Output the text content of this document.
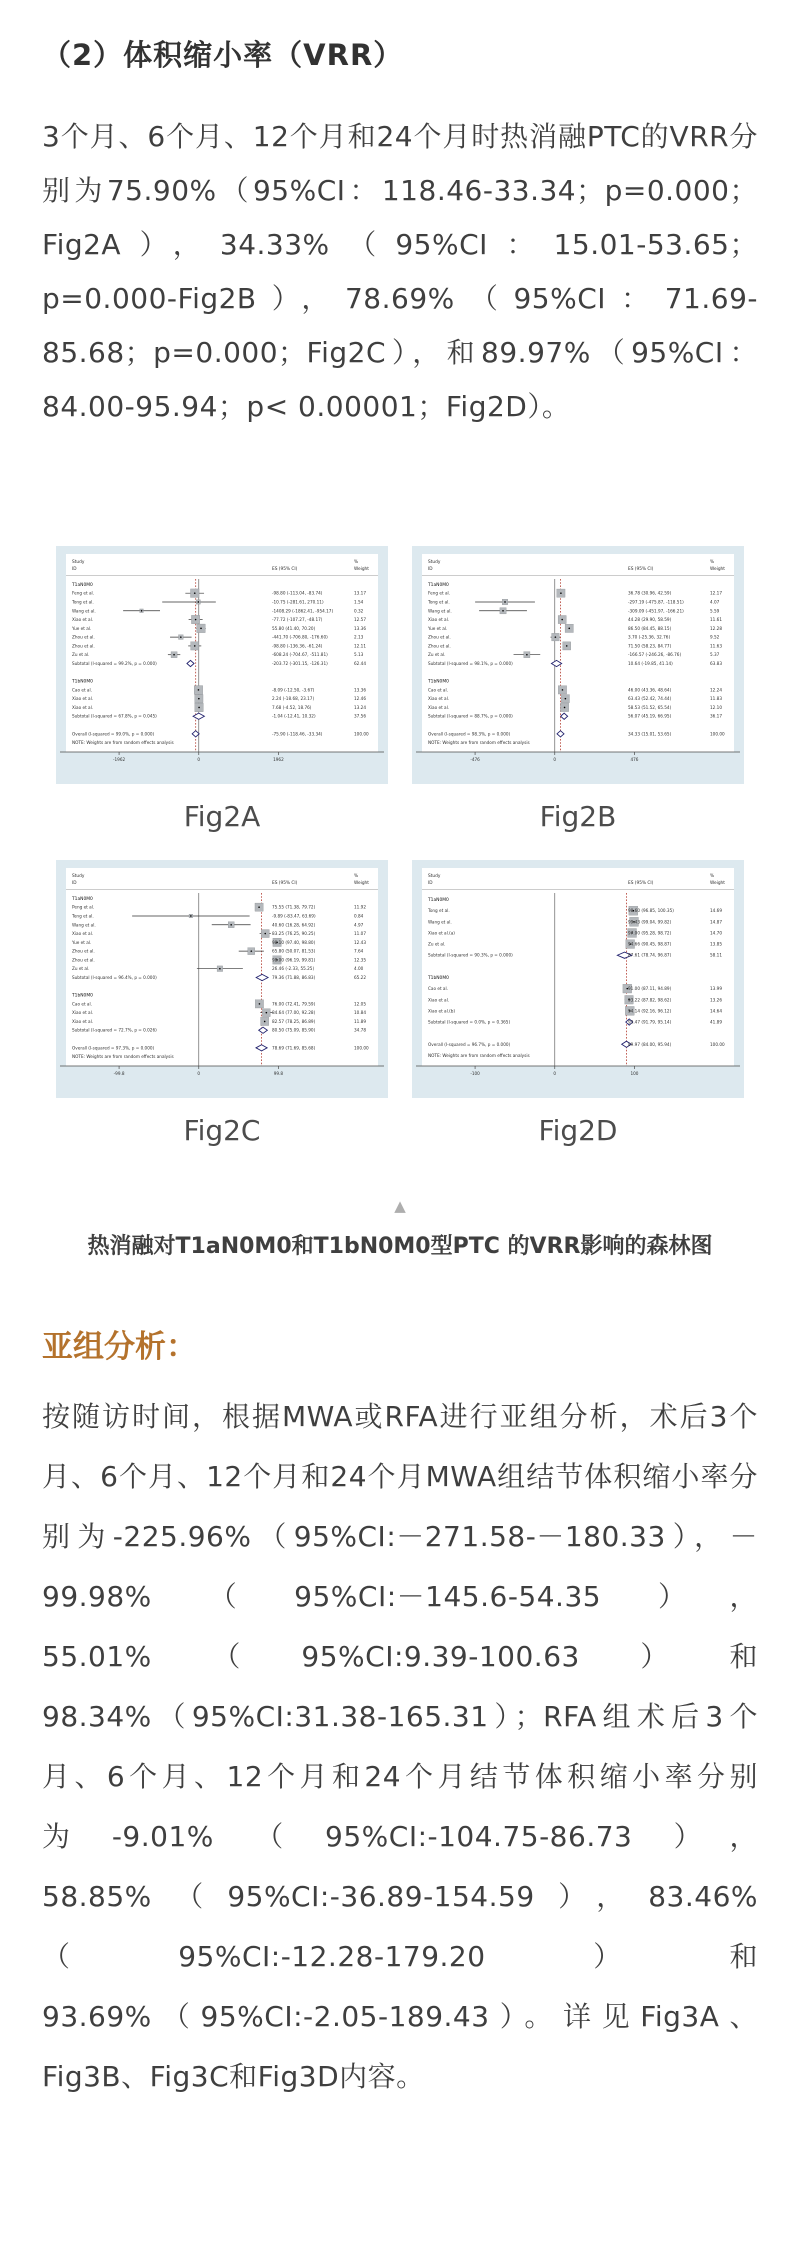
（2）体积缩小率（VRR）

3个月、6个月、12个月和24个月时热消融PTC的VRR分别为75.90%（95%CI：118.46-33.34；p=0.000；Fig2A），34.33%（95%CI：15.01-53.65；p=0.000-Fig2B），78.69%（95%CI：71.69-85.68；p=0.000；Fig2C），和89.97%（95%CI：84.00-95.94；p< 0.00001；Fig2D）。

Study
ID	ES (95% CI)
%
Weight
T1aN0M0
Feng et al.	-98.80 (-113.04, -83.74)	13.17
Tong et al.	-10.75 (-281.61, 270.11)	1.54
Wang et al.	-1408.29 (-1862.41, -954.17)	0.32
Xiao et al.	-77.72 (-107.27, -48.17)	12.57
Yue et al.	55.80 (41.40, 70.20)	13.36
Zhou et al.	-441.70 (-706.80, -176.60)	2.13
Zhou et al.	-98.80 (-136.36, -61.24)	12.11
Zu et al.	-608.24 (-704.67, -511.81)	5.13
Subtotal (I-squared = 99.2%, p = 0.000)	-203.72 (-301.15, -126.31)	62.44
T1bN0M0
Cao et al.	-8.09 (-12.50, -3.67)	13.36
Xiao et al.	2.24 (-18.68, 23.17)	12.46
Xiao et al.	7.68 (-4.52, 18.76)	13.24
Subtotal (I-squared = 67.8%, p = 0.045)	-1.04 (-12.41, 10.32)	37.56
Overall (I-squared = 99.0%, p = 0.000)	-75.90 (-118.46, -33.34)	100.00
NOTE: Weights are from random effects analysis
-1962	0	1962
Study
ID	ES (95% CI)
%
Weight
T1aN0M0
Feng et al.	36.78 (30.96, 42.59)	12.17
Tong et al.	-297.19 (-475.87, -118.51)	4.07
Wang et al.	-309.09 (-451.97, -166.21)	5.59
Xiao et al.	44.28 (29.90, 58.59)	11.61
Yue et al.	86.50 (84.45, 88.15)	12.28
Zhou et al.	3.70 (-25.36, 32.76)	9.52
Zhou et al.	71.50 (58.23, 84.77)	11.63
Zu et al.	-166.57 (-246.26, -86.76)	5.37
Subtotal (I-squared = 98.1%, p = 0.000)	10.64 (-19.85, 41.14)	63.83
T1bN0M0
Cao et al.	46.00 (43.36, 48.64)	12.24
Xiao et al.	63.43 (52.42, 74.44)	11.83
Xiao et al.	58.53 (51.52, 65.54)	12.10
Subtotal (I-squared = 88.7%, p = 0.000)	56.07 (45.19, 66.95)	36.17
Overall (I-squared = 98.3%, p = 0.000)	34.33 (15.01, 53.65)	100.00
NOTE: Weights are from random effects analysis
-476	0	476
Fig2A	Fig2B
Study
ID	ES (95% CI)
%
Weight
T1aN0M0
Peng et al.	75.55 (71.38, 79.72)	11.92
Teng et al.	-9.89 (-83.47, 63.69)	0.84
Wang et al.	40.60 (16.28, 64.92)	4.97
Xiao et al.	83.25 (76.25, 90.25)	11.07
Yue et al.	98.10 (97.40, 98.80)	12.43
Zhou et al.	65.80 (50.07, 81.53)	7.64
Zhou et al.	98.00 (96.19, 99.81)	12.35
Zu et al.	26.46 (-2.33, 55.25)	4.00
Subtotal (I-squared = 96.4%, p = 0.000)	79.36 (71.88, 86.83)	65.22
T1bN0M0
Cao et al.	76.00 (72.41, 79.59)	12.05
Xiao et al.	84.64 (77.00, 92.28)	10.84
Xiao et al.	82.57 (78.25, 86.89)	11.89
Subtotal (I-squared = 72.7%, p = 0.026)	80.50 (75.09, 85.90)	34.78
Overall (I-squared = 97.3%, p = 0.000)	78.69 (71.69, 85.68)	100.00
NOTE: Weights are from random effects analysis
-99.8	0	99.8
Study
ID	ES (95% CI)
%
Weight
T1aN0M0
Tong et al.	98.60 (96.85, 100.35)	14.69
Wang et al.	99.43 (99.04, 99.82)	14.87
Xiao et al.(a)	97.00 (95.28, 98.72)	14.70
Zu et al.	94.66 (90.45, 98.87)	13.85
Subtotal (I-squared = 90.3%, p = 0.000)	87.61 (78.74, 96.87)	58.11
T1bN0M0
Cao et al.	91.00 (87.11, 94.89)	13.99
Xiao et al.	93.22 (87.82, 98.62)	13.26
Xiao et al.(b)	94.14 (92.16, 96.12)	14.64
Subtotal (I-squared = 0.0%, p = 0.365)	93.47 (91.79, 95.14)	41.89
Overall (I-squared = 96.7%, p = 0.000)	89.97 (84.00, 95.94)	100.00
NOTE: Weights are from random effects analysis
-100	0	100
Fig2C	Fig2D
▲
热消融对T1aN0M0和T1bN0M0型PTC 的VRR影响的森林图
亚组分析：

按随访时间，根据MWA或RFA进行亚组分析，术后3个月、6个月、12个月和24个月MWA组结节体积缩小率分别为-225.96%（95%CI:－271.58-－180.33），－99.98%（95%CI:－145.6-54.35），55.01%（95%CI:9.39-100.63）和98.34%（95%CI:31.38-165.31）；RFA组术后3个月、6个月、12个月和24个月结节体积缩小率分别为-9.01%（95%CI:-104.75-86.73），58.85%（95%CI:-36.89-154.59），83.46% （95%CI:-12.28-179.20）和93.69%（95%CI:-2.05-189.43）。详见Fig3A、Fig3B、Fig3C和Fig3D内容。
